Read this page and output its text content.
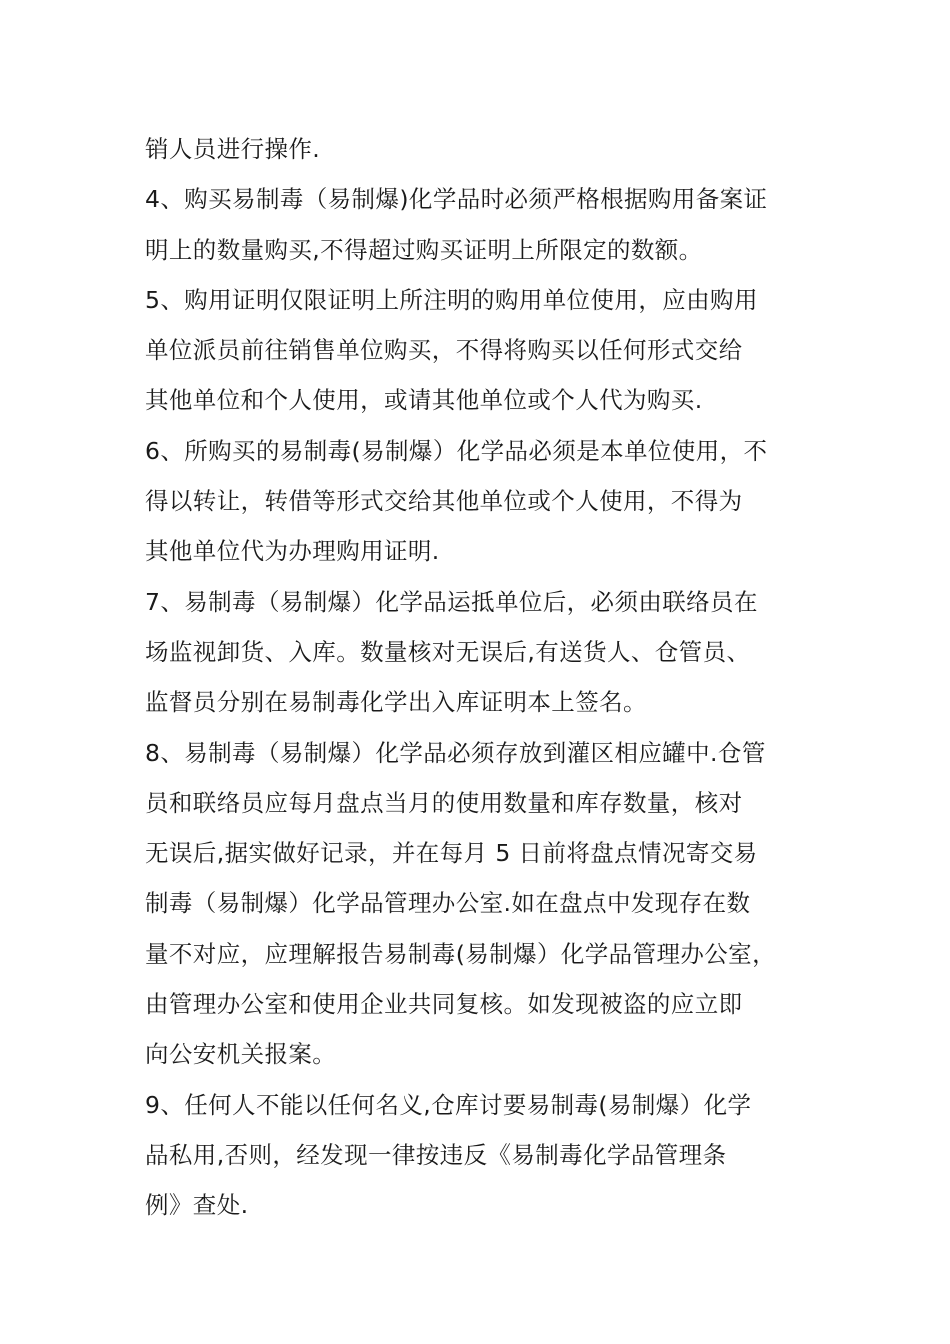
销人员进行操作.
4、购买易制毒（易制爆)化学品时必须严格根据购用备案证
明上的数量购买,不得超过购买证明上所限定的数额。
5、购用证明仅限证明上所注明的购用单位使用，应由购用
单位派员前往销售单位购买，不得将购买以任何形式交给
其他单位和个人使用，或请其他单位或个人代为购买.
6、所购买的易制毒(易制爆）化学品必须是本单位使用，不
得以转让，转借等形式交给其他单位或个人使用，不得为
其他单位代为办理购用证明.
7、易制毒（易制爆）化学品运抵单位后，必须由联络员在
场监视卸货、入库。数量核对无误后,有送货人、仓管员、
监督员分别在易制毒化学出入库证明本上签名。
8、易制毒（易制爆）化学品必须存放到灌区相应罐中.仓管
员和联络员应每月盘点当月的使用数量和库存数量，核对
无误后,据实做好记录，并在每月 5 日前将盘点情况寄交易
制毒（易制爆）化学品管理办公室.如在盘点中发现存在数
量不对应，应理解报告易制毒(易制爆）化学品管理办公室，
由管理办公室和使用企业共同复核。如发现被盗的应立即
向公安机关报案。
9、任何人不能以任何名义,仓库讨要易制毒(易制爆）化学
品私用,否则，经发现一律按违反《易制毒化学品管理条
例》查处.
